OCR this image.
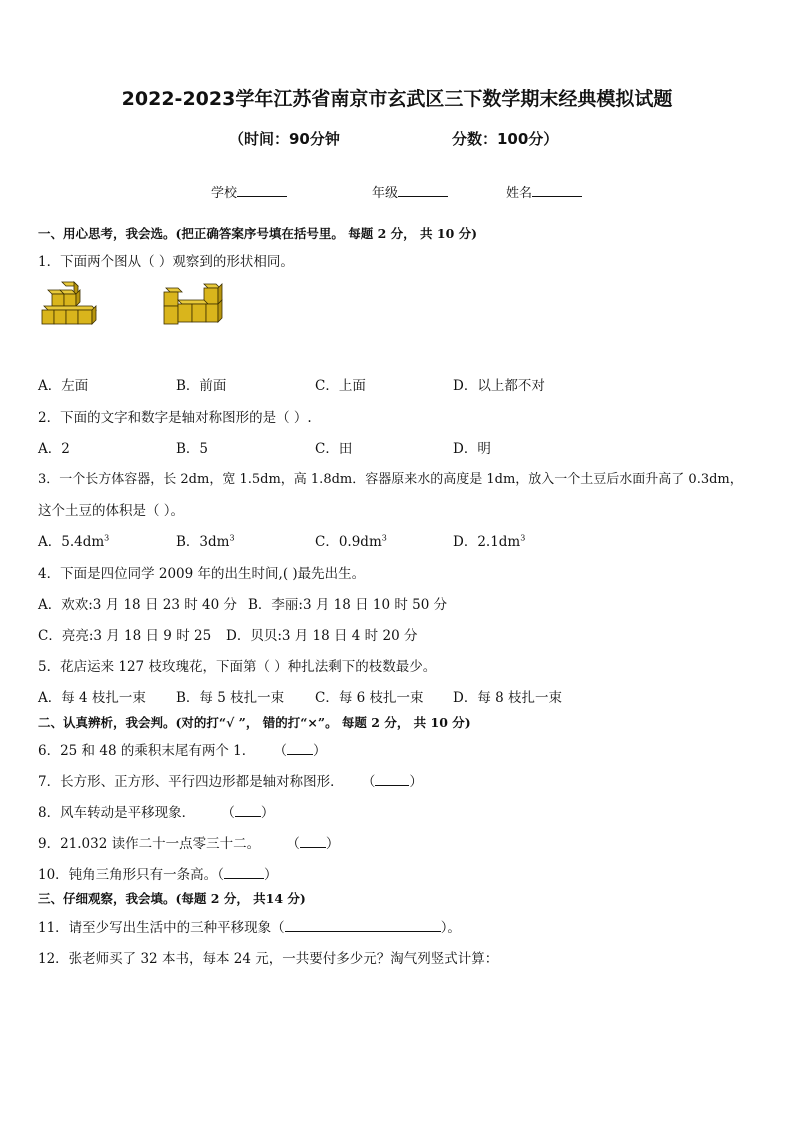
2022-2023学年江苏省南京市玄武区三下数学期末经典模拟试题
（时间：90分钟	分数：100分）
学校	年级	姓名
一、用心思考，我会选。(把正确答案序号填在括号里。 每题 2 分， 共 10 分)
1．下面两个图从（ ）观察到的形状相同。
A．左面	B．前面	C．上面	D．以上都不对
2．下面的文字和数字是轴对称图形的是（ ）.
A．2	B．5	C．田	D．明
3．一个长方体容器，长 2dm，宽 1.5dm，高 1.8dm．容器原来水的高度是 1dm，放入一个土豆后水面升高了 0.3dm，
这个土豆的体积是（ ）。
A．$5.4dm^3$	B．$3dm^3$	C．$0.9dm^3$	D．$2.1dm^3$
4．下面是四位同学 2009 年的出生时间,( )最先出生。
A．欢欢:3 月 18 日 23 时 40 分 B．李丽:3 月 18 日 10 时 50 分
C．亮亮:3 月 18 日 9 时 25 D．贝贝:3 月 18 日 4 时 20 分
5．花店运来 127 枝玫瑰花，下面第（ ）种扎法剩下的枝数最少。
A．每 4 枝扎一束 B．每 5 枝扎一束 C．每 6 枝扎一束 D．每 8 枝扎一束
二、认真辨析，我会判。(对的打“√ ”， 错的打“×”。 每题 2 分， 共 10 分)
6．25 和 48 的乘积末尾有两个 1． （ ）
7．长方形、正方形、平行四边形都是轴对称图形． （	）
8．风车转动是平移现象． （ ）
9．21.032 读作二十一点零三十二。 （ ）
10．钝角三角形只有一条高。（	）
三、仔细观察，我会填。(每题 2 分， 共14 分)
11．请至少写出生活中的三种平移现象（	）。
12．张老师买了 32 本书，每本 24 元，一共要付多少元？淘气列竖式计算：
